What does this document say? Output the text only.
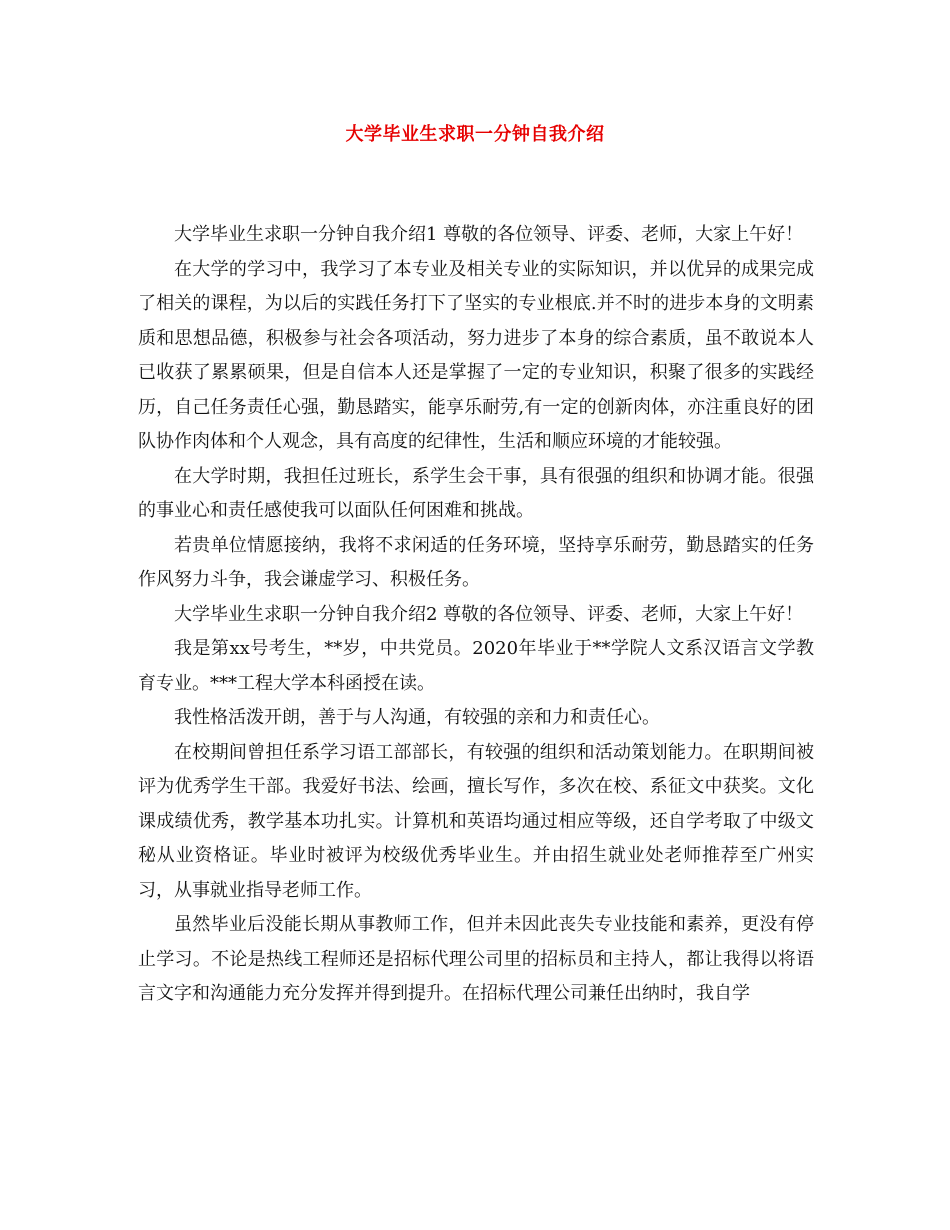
大学毕业生求职一分钟自我介绍

大学毕业生求职一分钟自我介绍1 尊敬的各位领导、评委、老师，大家上午好！

在大学的学习中，我学习了本专业及相关专业的实际知识，并以优异的成果完成了相关的课程，为以后的实践任务打下了坚实的专业根底.并不时的进步本身的文明素质和思想品德，积极参与社会各项活动，努力进步了本身的综合素质，虽不敢说本人已收获了累累硕果，但是自信本人还是掌握了一定的专业知识，积聚了很多的实践经历，自己任务责任心强，勤恳踏实，能享乐耐劳,有一定的创新肉体，亦注重良好的团队协作肉体和个人观念，具有高度的纪律性，生活和顺应环境的才能较强。

在大学时期，我担任过班长，系学生会干事，具有很强的组织和协调才能。很强的事业心和责任感使我可以面队任何困难和挑战。

若贵单位情愿接纳，我将不求闲适的任务环境，坚持享乐耐劳，勤恳踏实的任务作风努力斗争，我会谦虚学习、积极任务。

大学毕业生求职一分钟自我介绍2 尊敬的各位领导、评委、老师，大家上午好！

我是第xx号考生，**岁，中共党员。2020年毕业于**学院人文系汉语言文学教育专业。***工程大学本科函授在读。

我性格活泼开朗，善于与人沟通，有较强的亲和力和责任心。

在校期间曾担任系学习语工部部长，有较强的组织和活动策划能力。在职期间被评为优秀学生干部。我爱好书法、绘画，擅长写作，多次在校、系征文中获奖。文化课成绩优秀，教学基本功扎实。计算机和英语均通过相应等级，还自学考取了中级文秘从业资格证。毕业时被评为校级优秀毕业生。并由招生就业处老师推荐至广州实习，从事就业指导老师工作。

虽然毕业后没能长期从事教师工作，但并未因此丧失专业技能和素养，更没有停止学习。不论是热线工程师还是招标代理公司里的招标员和主持人，都让我得以将语言文字和沟通能力充分发挥并得到提升。在招标代理公司兼任出纳时，我自学
